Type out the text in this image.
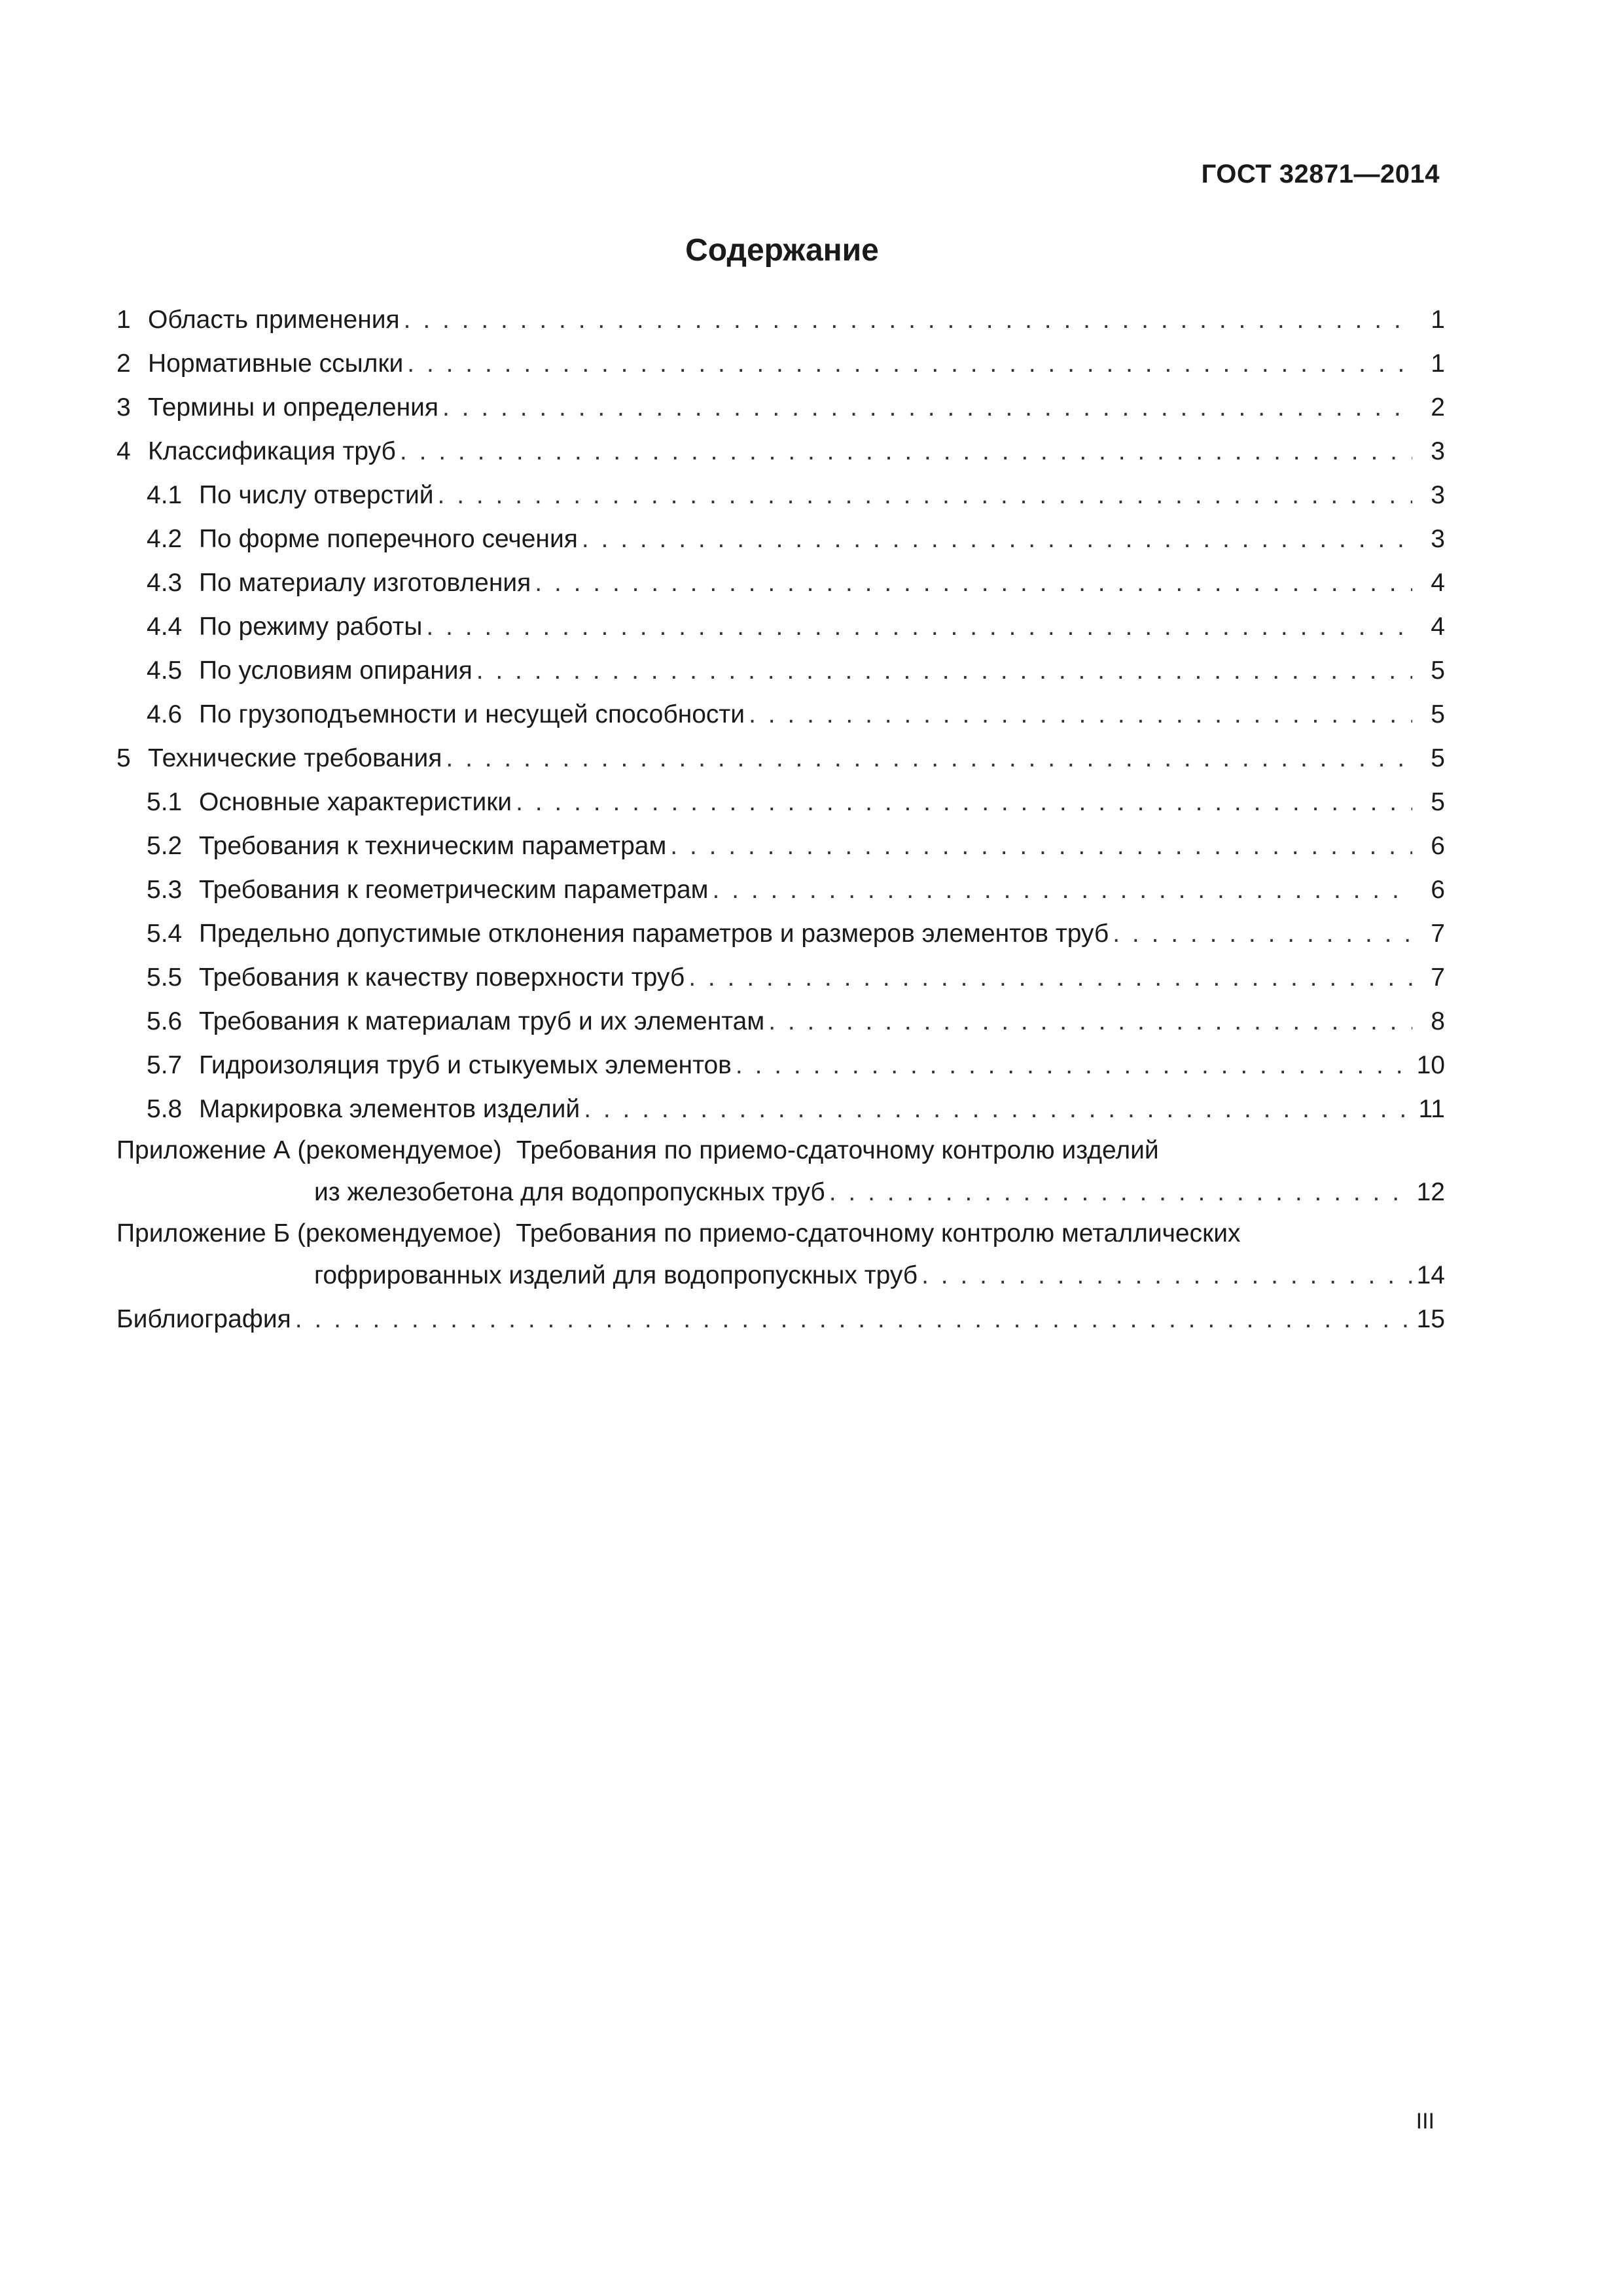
ГОСТ 32871—2014
Содержание
1 Область применения . . .	1
2 Нормативные ссылки . . .	1
3 Термины и определения . . .	2
4 Классификация труб . . .	3
4.1 По числу отверстий . . .	3
4.2 По форме поперечного сечения . . .	3
4.3 По материалу изготовления . . .	4
4.4 По режиму работы . . .	4
4.5 По условиям опирания . . .	5
4.6 По грузоподъемности и несущей способности . . .	5
5 Технические требования . . .	5
5.1 Основные характеристики . . .	5
5.2 Требования к техническим параметрам . . .	6
5.3 Требования к геометрическим параметрам . . .	6
5.4 Предельно допустимые отклонения параметров и размеров элементов труб . . .	7
5.5 Требования к качеству поверхности труб . . .	7
5.6 Требования к материалам труб и их элементам . . .	8
5.7 Гидроизоляция труб и стыкуемых элементов . . .	10
5.8 Маркировка элементов изделий . . .	11
Приложение А (рекомендуемое) Требования по приемо-сдаточному контролю изделий
из железобетона для водопропускных труб . . .	12
Приложение Б (рекомендуемое) Требования по приемо-сдаточному контролю металлических
гофрированных изделий для водопропускных труб . . .	14
Библиография . . .	15
III
